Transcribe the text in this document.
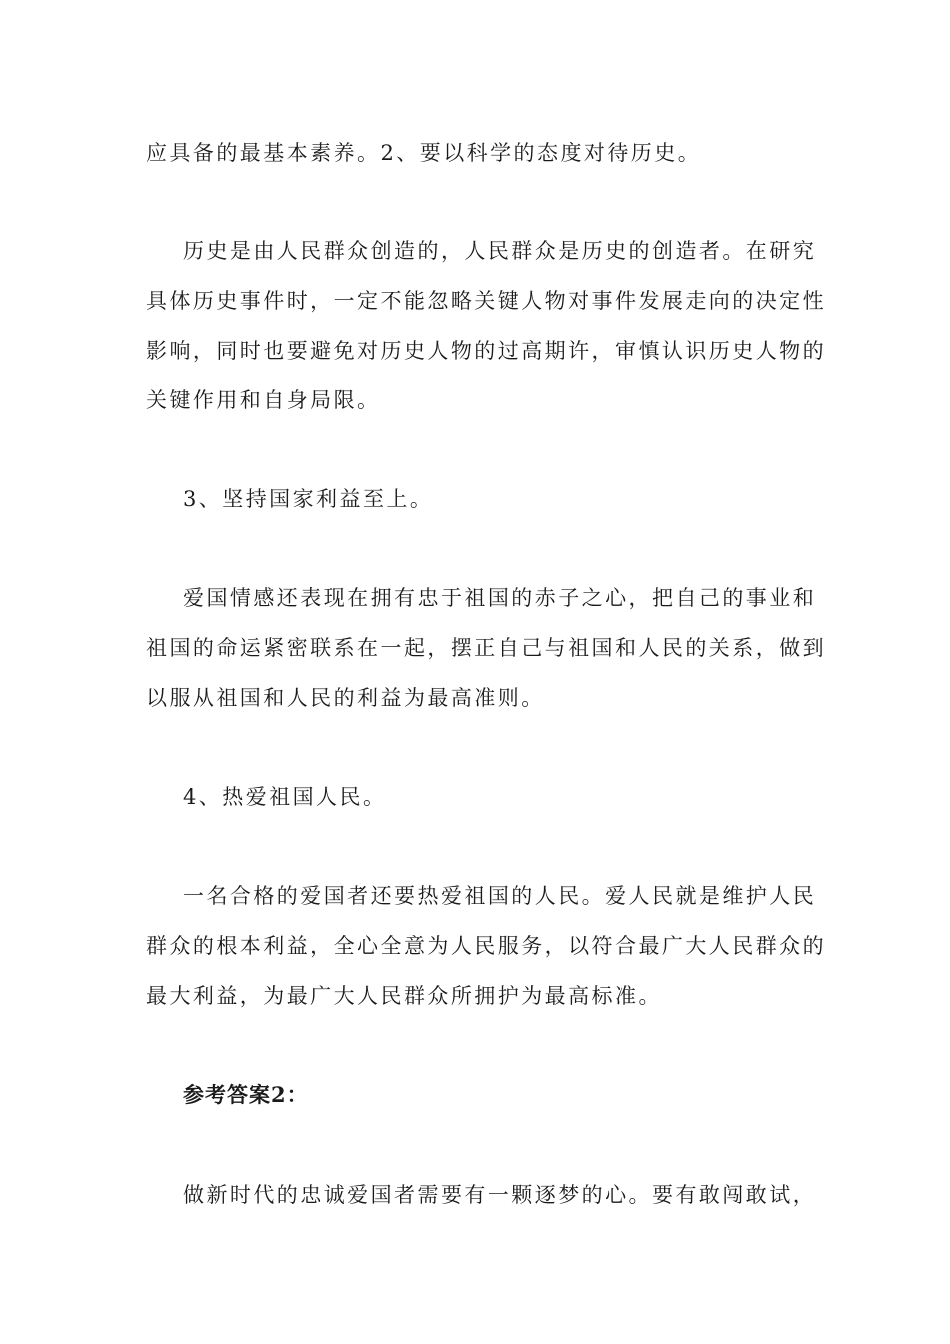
应具备的最基本素养。2、要以科学的态度对待历史。
历史是由人民群众创造的，人民群众是历史的创造者。在研究
具体历史事件时，一定不能忽略关键人物对事件发展走向的决定性
影响，同时也要避免对历史人物的过高期许，审慎认识历史人物的
关键作用和自身局限。
3、坚持国家利益至上。
爱国情感还表现在拥有忠于祖国的赤子之心，把自己的事业和
祖国的命运紧密联系在一起，摆正自己与祖国和人民的关系，做到
以服从祖国和人民的利益为最高准则。
4、热爱祖国人民。
一名合格的爱国者还要热爱祖国的人民。爱人民就是维护人民
群众的根本利益，全心全意为人民服务，以符合最广大人民群众的
最大利益，为最广大人民群众所拥护为最高标准。
参考答案2：
做新时代的忠诚爱国者需要有一颗逐梦的心。要有敢闯敢试，
